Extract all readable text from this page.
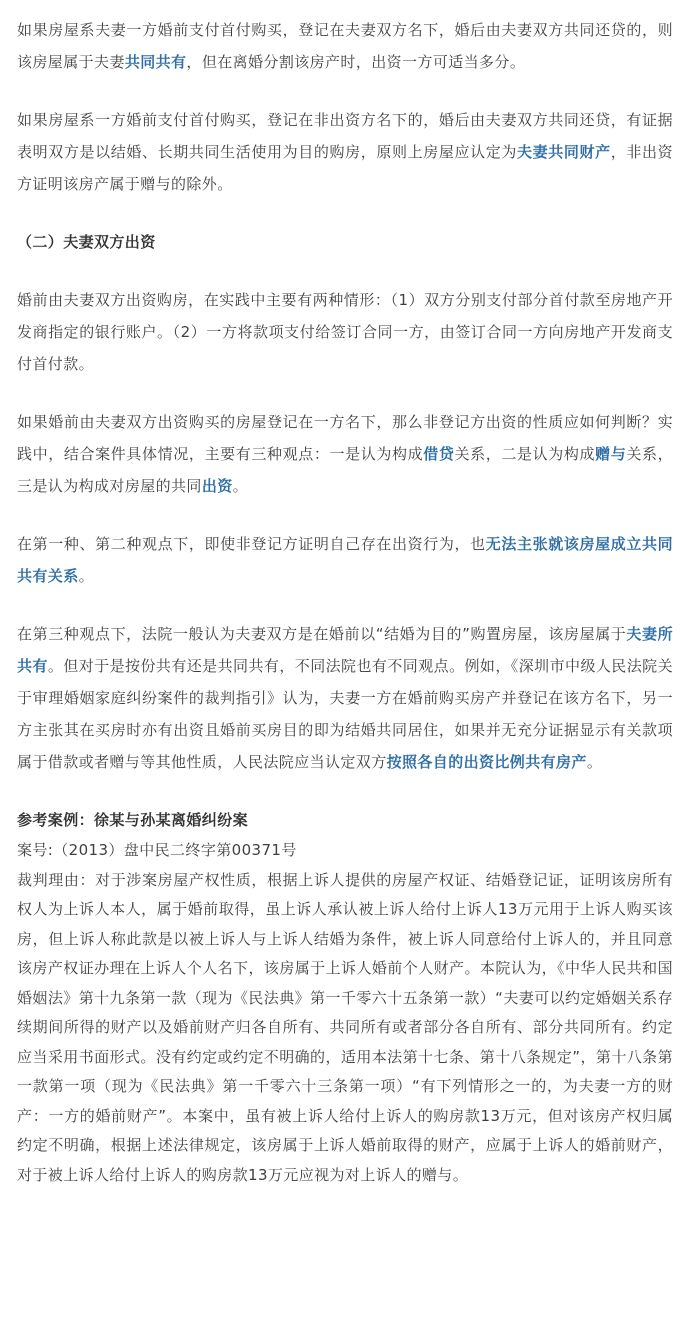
如果房屋系夫妻一方婚前支付首付购买，登记在夫妻双方名下，婚后由夫妻双方共同还贷的，则该房屋属于夫妻共同共有，但在离婚分割该房产时，出资一方可适当多分。

如果房屋系一方婚前支付首付购买，登记在非出资方名下的，婚后由夫妻双方共同还贷，有证据表明双方是以结婚、长期共同生活使用为目的购房，原则上房屋应认定为夫妻共同财产，非出资方证明该房产属于赠与的除外。

（二）夫妻双方出资

婚前由夫妻双方出资购房，在实践中主要有两种情形：（1）双方分别支付部分首付款至房地产开发商指定的银行账户。（2）一方将款项支付给签订合同一方，由签订合同一方向房地产开发商支付首付款。

如果婚前由夫妻双方出资购买的房屋登记在一方名下，那么非登记方出资的性质应如何判断？实践中，结合案件具体情况，主要有三种观点：一是认为构成借贷关系，二是认为构成赠与关系，三是认为构成对房屋的共同出资。

在第一种、第二种观点下，即使非登记方证明自己存在出资行为，也无法主张就该房屋成立共同共有关系。

在第三种观点下，法院一般认为夫妻双方是在婚前以“结婚为目的”购置房屋，该房屋属于夫妻所共有。但对于是按份共有还是共同共有，不同法院也有不同观点。例如，《深圳市中级人民法院关于审理婚姻家庭纠纷案件的裁判指引》认为，夫妻一方在婚前购买房产并登记在该方名下，另一方主张其在买房时亦有出资且婚前买房目的即为结婚共同居住，如果并无充分证据显示有关款项属于借款或者赠与等其他性质，人民法院应当认定双方按照各自的出资比例共有房产。

参考案例：徐某与孙某离婚纠纷案

案号:（2013）盘中民二终字第00371号

裁判理由：对于涉案房屋产权性质，根据上诉人提供的房屋产权证、结婚登记证，证明该房所有权人为上诉人本人，属于婚前取得，虽上诉人承认被上诉人给付上诉人13万元用于上诉人购买该房，但上诉人称此款是以被上诉人与上诉人结婚为条件，被上诉人同意给付上诉人的，并且同意该房产权证办理在上诉人个人名下，该房属于上诉人婚前个人财产。本院认为，《中华人民共和国婚姻法》第十九条第一款（现为《民法典》第一千零六十五条第一款）“夫妻可以约定婚姻关系存续期间所得的财产以及婚前财产归各自所有、共同所有或者部分各自所有、部分共同所有。约定应当采用书面形式。没有约定或约定不明确的，适用本法第十七条、第十八条规定”，第十八条第一款第一项（现为《民法典》第一千零六十三条第一项）“有下列情形之一的，为夫妻一方的财产：一方的婚前财产”。本案中，虽有被上诉人给付上诉人的购房款13万元，但对该房产权归属约定不明确，根据上述法律规定，该房属于上诉人婚前取得的财产，应属于上诉人的婚前财产，对于被上诉人给付上诉人的购房款13万元应视为对上诉人的赠与。
